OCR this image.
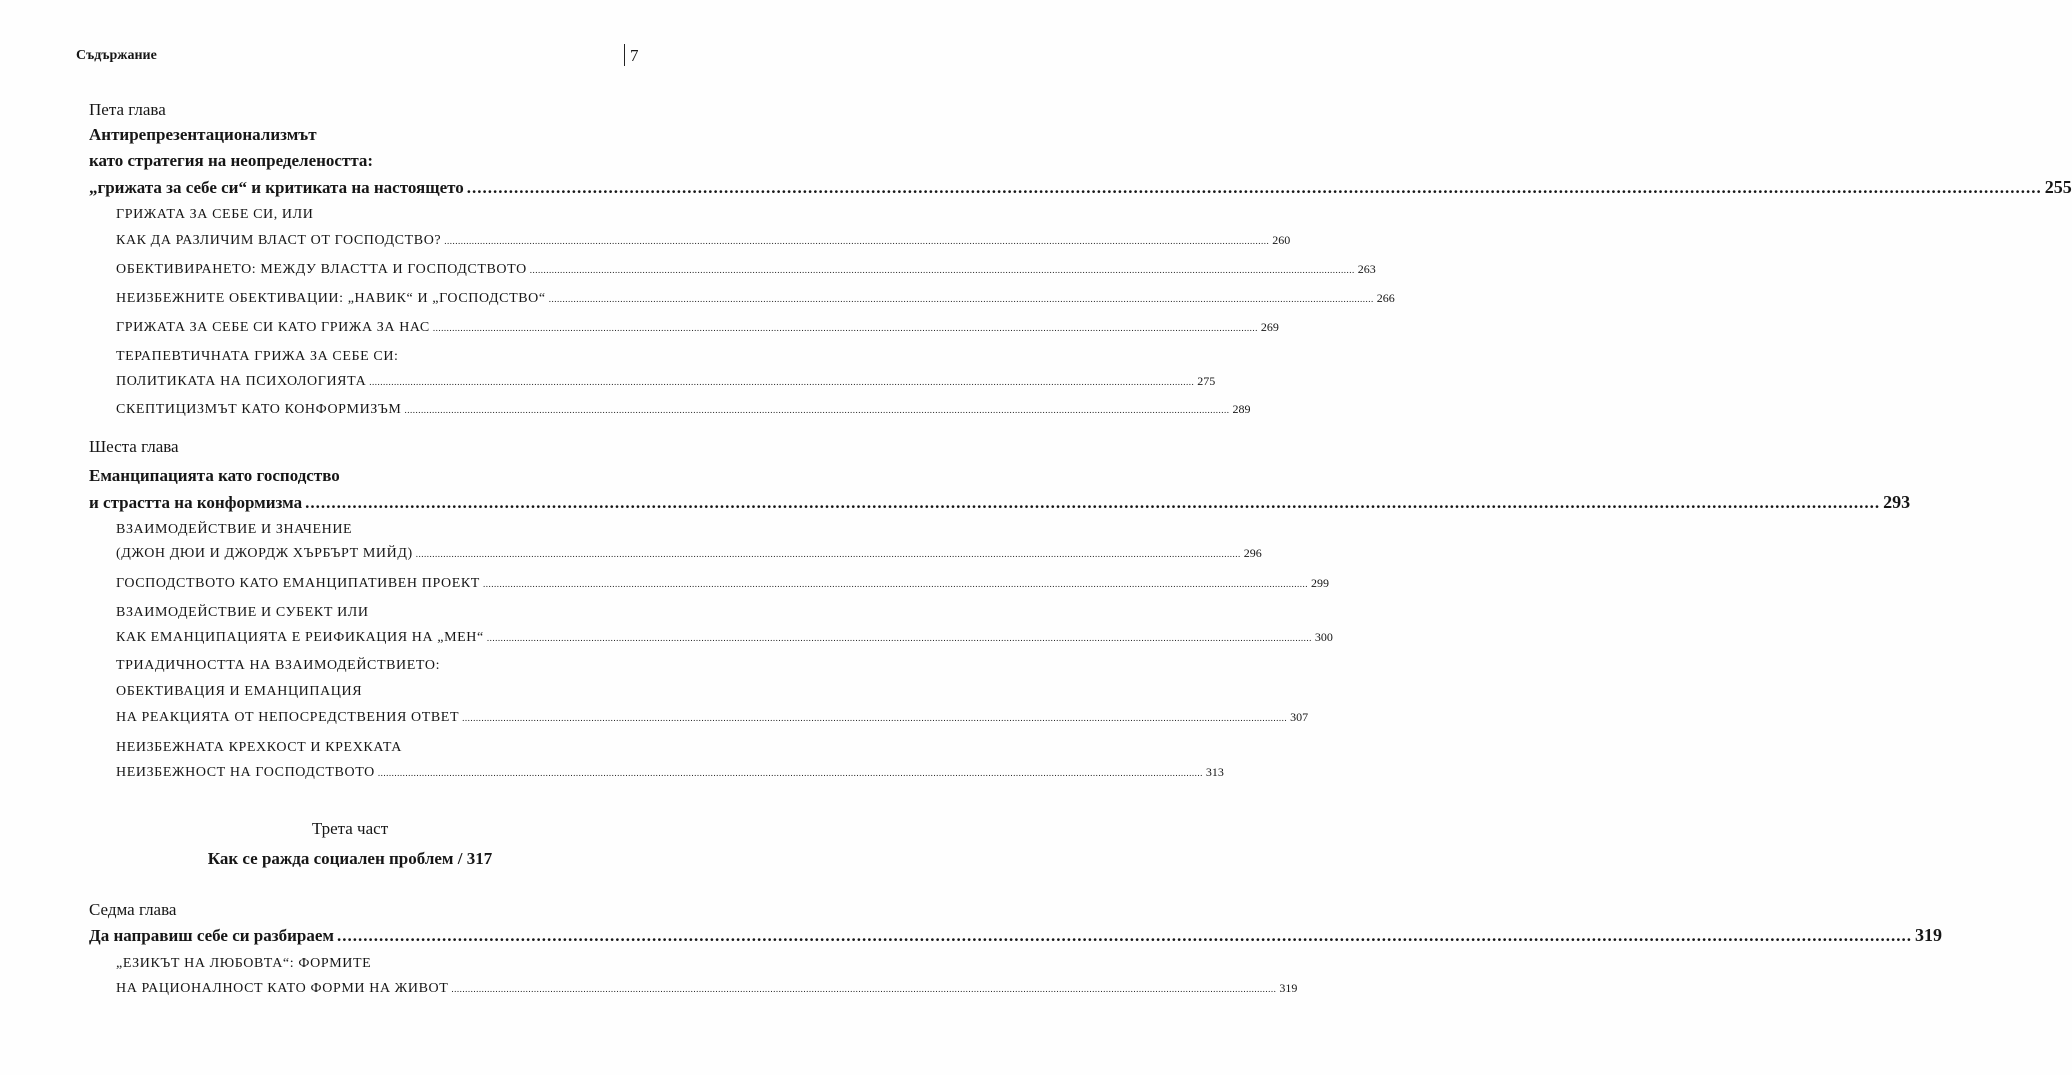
Съдържание	7
Пета глава
Антирепрезентационализмът
като стратегия на неопределеността:
„грижата за себе си“ и критиката на настоящето ............................................................................................................................................................................................................................................................................................................ 255
ГРИЖАТА ЗА СЕБЕ СИ, ИЛИ
КАК ДА РАЗЛИЧИМ ВЛАСТ ОТ ГОСПОДСТВО? ............................................................................................................................................................................................................................................................................................................ 260
ОБЕКТИВИРАНЕТО: МЕЖДУ ВЛАСТТА И ГОСПОДСТВОТО ............................................................................................................................................................................................................................................................................................................ 263
НЕИЗБЕЖНИТЕ ОБЕКТИВАЦИИ: „НАВИК“ И „ГОСПОДСТВО“ ............................................................................................................................................................................................................................................................................................................ 266
ГРИЖАТА ЗА СЕБЕ СИ КАТО ГРИЖА ЗА НАС ............................................................................................................................................................................................................................................................................................................ 269
ТЕРАПЕВТИЧНАТА ГРИЖА ЗА СЕБЕ СИ:
ПОЛИТИКАТА НА ПСИХОЛОГИЯТА ............................................................................................................................................................................................................................................................................................................ 275
СКЕПТИЦИЗМЪТ КАТО КОНФОРМИЗЪМ ............................................................................................................................................................................................................................................................................................................ 289
Шеста глава
Еманципацията като господство
и страстта на конформизма ............................................................................................................................................................................................................................................................................................................ 293
ВЗАИМОДЕЙСТВИЕ И ЗНАЧЕНИЕ
(ДЖОН ДЮИ И ДЖОРДЖ ХЪРБЪРТ МИЙД) ............................................................................................................................................................................................................................................................................................................ 296
ГОСПОДСТВОТО КАТО ЕМАНЦИПАТИВЕН ПРОЕКТ ............................................................................................................................................................................................................................................................................................................ 299
ВЗАИМОДЕЙСТВИЕ И СУБЕКТ ИЛИ
КАК ЕМАНЦИПАЦИЯТА Е РЕИФИКАЦИЯ НА „МЕН“ ............................................................................................................................................................................................................................................................................................................ 300
ТРИАДИЧНОСТТА НА ВЗАИМОДЕЙСТВИЕТО:
ОБЕКТИВАЦИЯ И ЕМАНЦИПАЦИЯ
НА РЕАКЦИЯТА ОТ НЕПОСРЕДСТВЕНИЯ ОТВЕТ ............................................................................................................................................................................................................................................................................................................ 307
НЕИЗБЕЖНАТА КРЕХКОСТ И КРЕХКАТА
НЕИЗБЕЖНОСТ НА ГОСПОДСТВОТО ............................................................................................................................................................................................................................................................................................................ 313
Трета част
Как се ражда социален проблем / 317
Седма глава
Да направиш себе си разбираем ............................................................................................................................................................................................................................................................................................................ 319
„ЕЗИКЪТ НА ЛЮБОВТА“: ФОРМИТЕ
НА РАЦИОНАЛНОСТ КАТО ФОРМИ НА ЖИВОТ ............................................................................................................................................................................................................................................................................................................ 319
